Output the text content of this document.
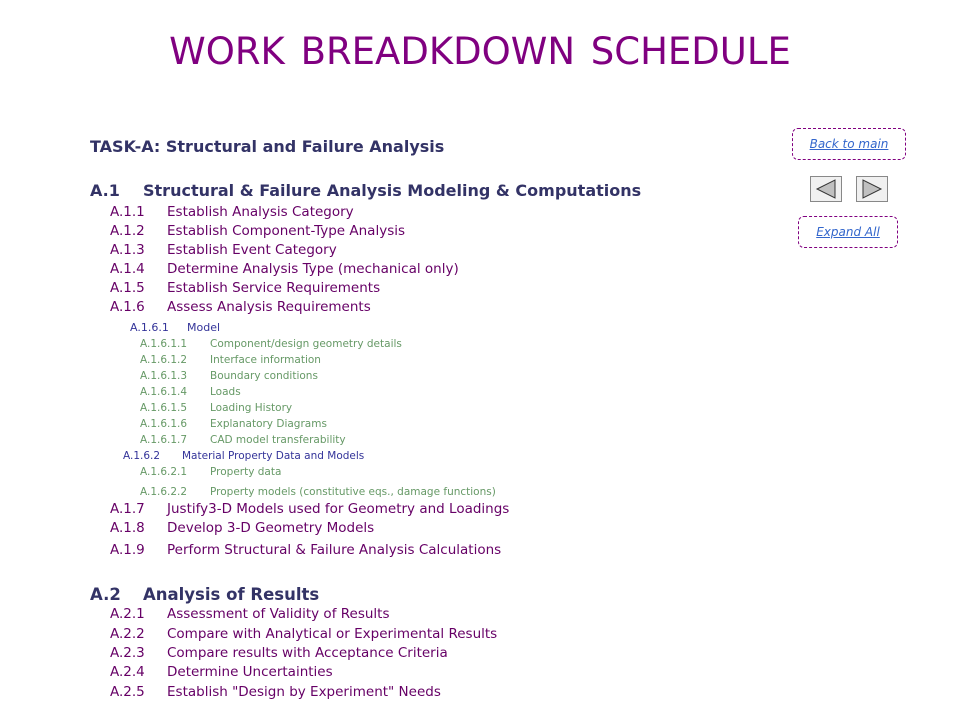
WORK BREADKDOWN SCHEDULE
TASK-A: Structural and Failure Analysis
A.1 Structural & Failure Analysis Modeling & Computations
A.1.1 Establish Analysis Category
A.1.2 Establish Component-Type Analysis
A.1.3 Establish Event Category
A.1.4 Determine Analysis Type (mechanical only)
A.1.5 Establish Service Requirements
A.1.6 Assess Analysis Requirements
A.1.6.1 Model
A.1.6.1.1 Component/design geometry details
A.1.6.1.2 Interface information
A.1.6.1.3 Boundary conditions
A.1.6.1.4 Loads
A.1.6.1.5 Loading History
A.1.6.1.6 Explanatory Diagrams
A.1.6.1.7 CAD model transferability
A.1.6.2 Material Property Data and Models
A.1.6.2.1 Property data
A.1.6.2.2 Property models (constitutive eqs., damage functions)
A.1.7 Justify3-D Models used for Geometry and Loadings
A.1.8 Develop 3-D Geometry Models
A.1.9 Perform Structural & Failure Analysis Calculations
A.2 Analysis of Results
A.2.1 Assessment of Validity of Results
A.2.2 Compare with Analytical or Experimental Results
A.2.3 Compare results with Acceptance Criteria
A.2.4 Determine Uncertainties
A.2.5 Establish "Design by Experiment" Needs
Back to main
Expand All
